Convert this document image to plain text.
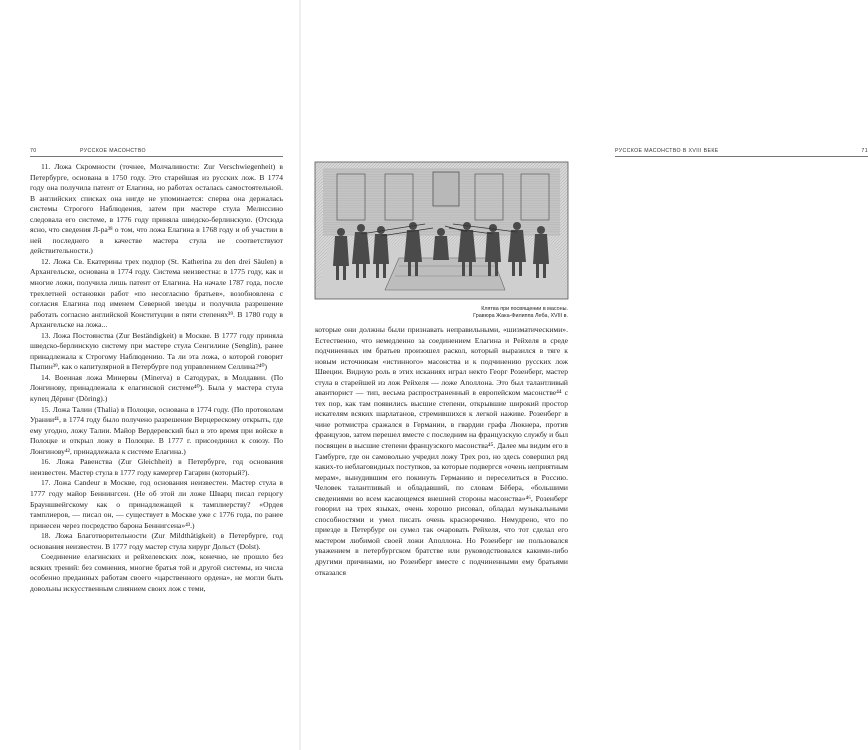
70	РУССКОЕ МАСОНСТВО

11. Ложа Скромности (точнее, Молчаливости: Zur Verschwiegenheit) в Петербурге, основана в 1750 году. Это старейшая из русских лож. В 1774 году она получила патент от Елагина, но работах осталась самостоятельной. В английских списках она нигде не упоминается: сперва она держалась системы Строгого Наблюдения, затем при мастере стула Мелиссино следовала его системе, в 1776 году приняла шведско-берлинскую. (Отсюда ясно, что сведения Л-ра³⁸ о том, что ложа Елагина в 1768 году и об участии в ней последнего в качестве мастера стула не соответствуют действительности.)

12. Ложа Св. Екатерины трех подпор (St. Katherina zu den drei Säulen) в Архангельске, основана в 1774 году. Система неизвестна: в 1775 году, как и многие ложи, получила лишь патент от Елагина. На начале 1787 года, после трехлетней остановки работ «по несогласию братьев», возобновлена с согласия Елагина под именем Северной звезды и получила разрешение работать согласно английской Конституции в пяти степенях³⁹. В 1780 году в Архангельске на ложа...

13. Ложа Постоянства (Zur Beständigkeit) в Москве. В 1777 году приняла шведско-берлинскую систему при мастере стула Сенгилине (Senglin), ранее принадлежала к Строгому Наблюдению. Та ли эта ложа, о которой говорит Пыпин³⁹, как о капитулярной в Петербурге под управлением Селлина?⁴⁰)

14. Военная ложа Минервы (Minerva) в Сатодурах, в Молдавии. (По Лонгинову, принадлежала к елагинской системе⁴⁰). Была у мастера стула купец Дёринг (Döring).)

15. Ложа Талии (Thalia) в Полоцке, основана в 1774 году. (По протоколам Урании⁴¹, в 1774 году было получено разрешение Верцерескому открыть, где ему угодно, ложу Талии. Майор Вердеревский был в это время при войске в Полоцке и открыл ложу в Полоцке. В 1777 г. присоединил к союзу. По Лонгинову⁴², принадлежала к системе Елагина.)

16. Ложа Равенства (Zur Gleichheit) в Петербурге, год основания неизвестен. Мастер стула в 1777 году камергер Гагарин (который?).

17. Ложа Candeur в Москве, год основания неизвестен. Мастер стула в 1777 году майор Беннингсен. (Не об этой ли ложе Шварц писал герцогу Брауншвейгскому как о принадлежащей к тамплиерству? «Ордея тамплиеров, — писал он, — существует в Москве уже с 1776 года, по ранее принесен через посредство барона Беннигсена»⁴³.)

18. Ложа Благотворительности (Zur Mildthätigkeit) в Петербурге, год основания неизвестен. В 1777 году мастер стула хирург Дольст (Dolst).

Соединение елагинских и рейхелевских лож, конечно, не прошло без всяких трений: без сомнения, многие братья той и другой системы, из числа особенно преданных работам своего «царственного ордена», не могли быть довольны искусственным слиянием своих лож с теми,

РУССКОЕ МАСОНСТВО В XVIII ВЕКЕ	71
Клятва при посвящении в масоны.
Гравюра Жака-Филиппа Леба, XVIII в.

которые они должны были признавать неправильными, «шизматическими». Естественно, что немедленно за соединением Елагина и Рейхеля в среде подчиненных им братьев произошел раскол, который выразился в тяге к новым источникам «истинного» масонства и к подчинению русских лож Швеции. Видную роль в этих исканиях играл некто Георг Розенберг, мастер стула в старейшей из лож Рейхеля — ложе Аполлона. Это был талантливый авантюрист — тип, весьма распространенный в европейском масонстве⁴⁴ с тех пор, как там появились высшие степени, открывшие широкий простор искателям всяких шарлатанов, стремившихся к легкой наживе. Розенберг в чине ротмистра сражался в Германии, в гвардии графа Люкнера, против французов, затем перешел вместе с последним на французскую службу и был посвящен в высшие степени французского масонства⁴⁵. Далее мы видим его в Гамбурге, где он самовольно учредил ложу Трех роз, но здесь совершил ряд каких-то неблаговидных поступков, за которые подвергся «очень неприятным мерам», вынудившим его покинуть Германию и переселиться в Россию. Человек талантливый и обладавший, по словам Бёбера, «большими сведениями во всем касающемся внешней стороны масонства»⁴⁶, Розенберг говорил на трех языках, очень хорошо рисовал, обладал музыкальными способностями и умел писать очень красноречиво. Немудрено, что по приезде в Петербург он сумел так очаровать Рейхеля, что тот сделал его мастером любимой своей ложи Аполлона. Но Розенберг не пользовался уважением в петербургском братстве или руководствовался какими-либо другими причинами, но Розенберг вместе с подчиненными ему братьями отказался
